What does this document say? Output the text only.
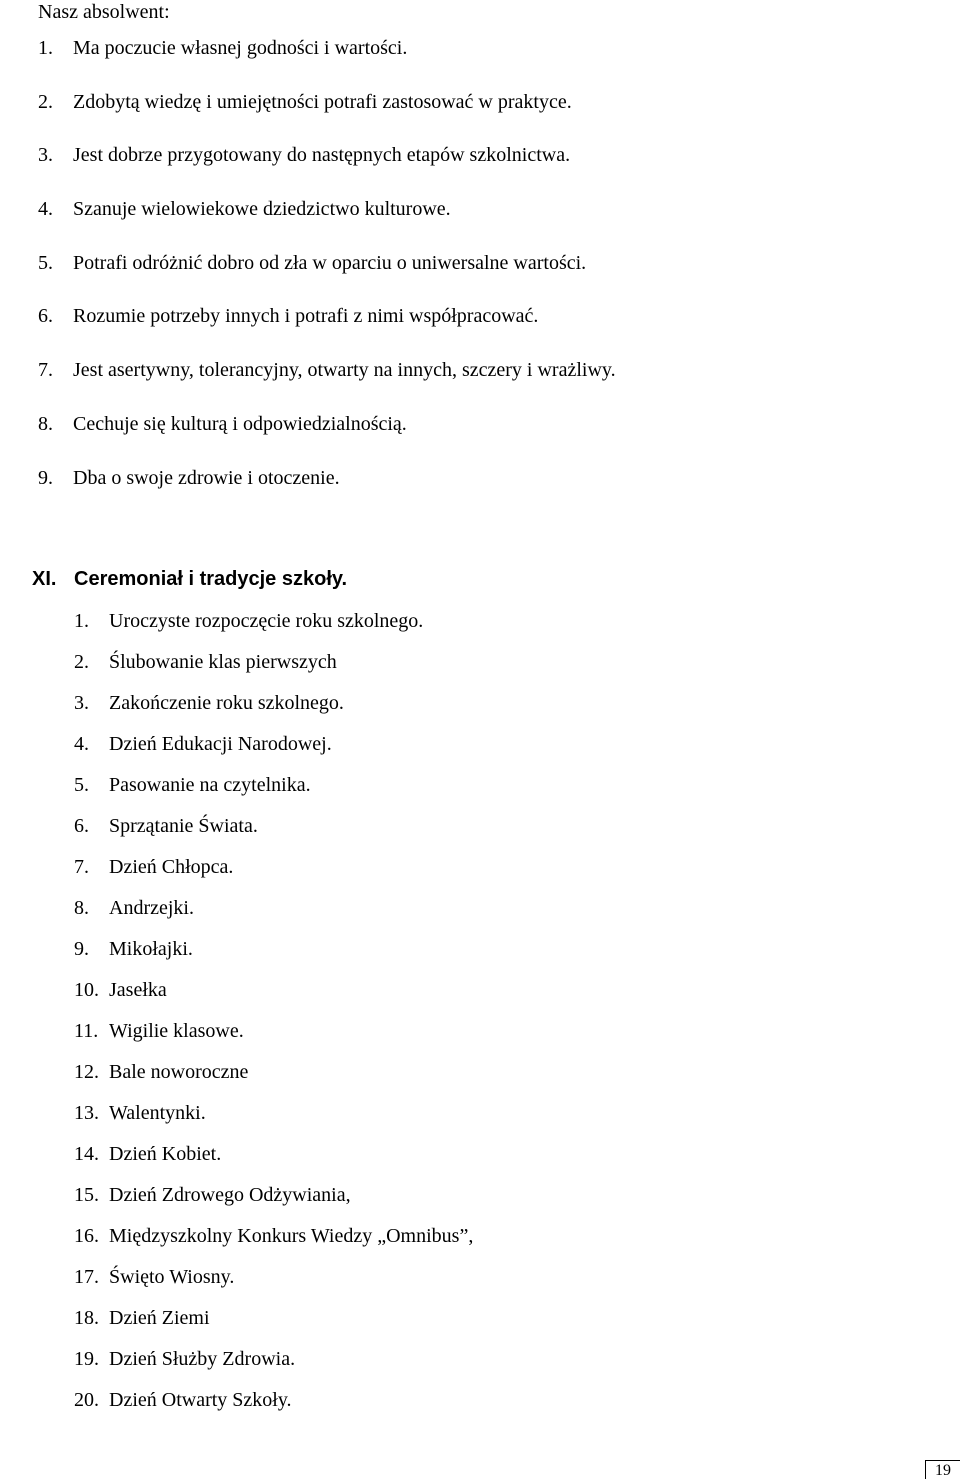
Nasz absolwent:
1. Ma poczucie własnej godności i wartości.
2. Zdobytą wiedzę i umiejętności potrafi zastosować w praktyce.
3. Jest dobrze przygotowany do następnych etapów szkolnictwa.
4. Szanuje wielowiekowe dziedzictwo kulturowe.
5. Potrafi odróżnić dobro od zła w oparciu o uniwersalne wartości.
6. Rozumie potrzeby innych i potrafi z nimi współpracować.
7. Jest asertywny, tolerancyjny, otwarty na innych, szczery i wrażliwy.
8. Cechuje się kulturą i odpowiedzialnością.
9. Dba o swoje zdrowie i otoczenie.
XI. Ceremoniał i tradycje szkoły.
1. Uroczyste rozpoczęcie roku szkolnego.
2. Ślubowanie klas pierwszych
3. Zakończenie roku szkolnego.
4. Dzień Edukacji Narodowej.
5. Pasowanie na czytelnika.
6. Sprzątanie Świata.
7. Dzień Chłopca.
8. Andrzejki.
9. Mikołajki.
10. Jasełka
11. Wigilie klasowe.
12. Bale noworoczne
13. Walentynki.
14. Dzień Kobiet.
15. Dzień Zdrowego Odżywiania,
16. Międzyszkolny Konkurs Wiedzy „Omnibus”,
17. Święto Wiosny.
18. Dzień Ziemi
19. Dzień Służby Zdrowia.
20. Dzień Otwarty Szkoły.
19
